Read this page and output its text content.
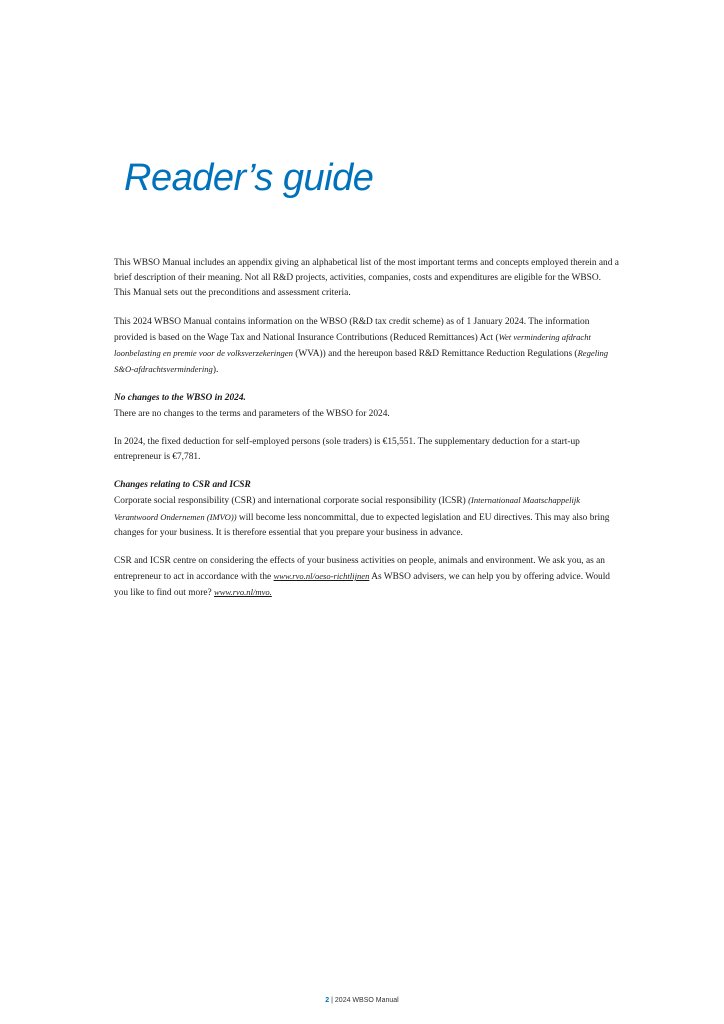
Reader’s guide

This WBSO Manual includes an appendix giving an alphabetical list of the most important terms and concepts employed therein and a brief description of their meaning. Not all R&D projects, activities, companies, costs and expenditures are eligible for the WBSO. This Manual sets out the preconditions and assessment criteria.

This 2024 WBSO Manual contains information on the WBSO (R&D tax credit scheme) as of 1 January 2024. The information provided is based on the Wage Tax and National Insurance Contributions (Reduced Remittances) Act (Wet vermindering afdracht loonbelasting en premie voor de volksverzekeringen (WVA)) and the hereupon based R&D Remittance Reduction Regulations (Regeling S&O-afdrachtsvermindering).

No changes to the WBSO in 2024.
There are no changes to the terms and parameters of the WBSO for 2024.

In 2024, the fixed deduction for self-employed persons (sole traders) is €15,551. The supplementary deduction for a start-up entrepreneur is €7,781.

Changes relating to CSR and ICSR
Corporate social responsibility (CSR) and international corporate social responsibility (ICSR) (Internationaal Maatschappelijk Verantwoord Ondernemen (IMVO)) will become less noncommittal, due to expected legislation and EU directives. This may also bring changes for your business. It is therefore essential that you prepare your business in advance.

CSR and ICSR centre on considering the effects of your business activities on people, animals and environment. We ask you, as an entrepreneur to act in accordance with the www.rvo.nl/oeso-richtlijnen As WBSO advisers, we can help you by offering advice. Would you like to find out more? www.rvo.nl/mvo.

2 | 2024 WBSO Manual
